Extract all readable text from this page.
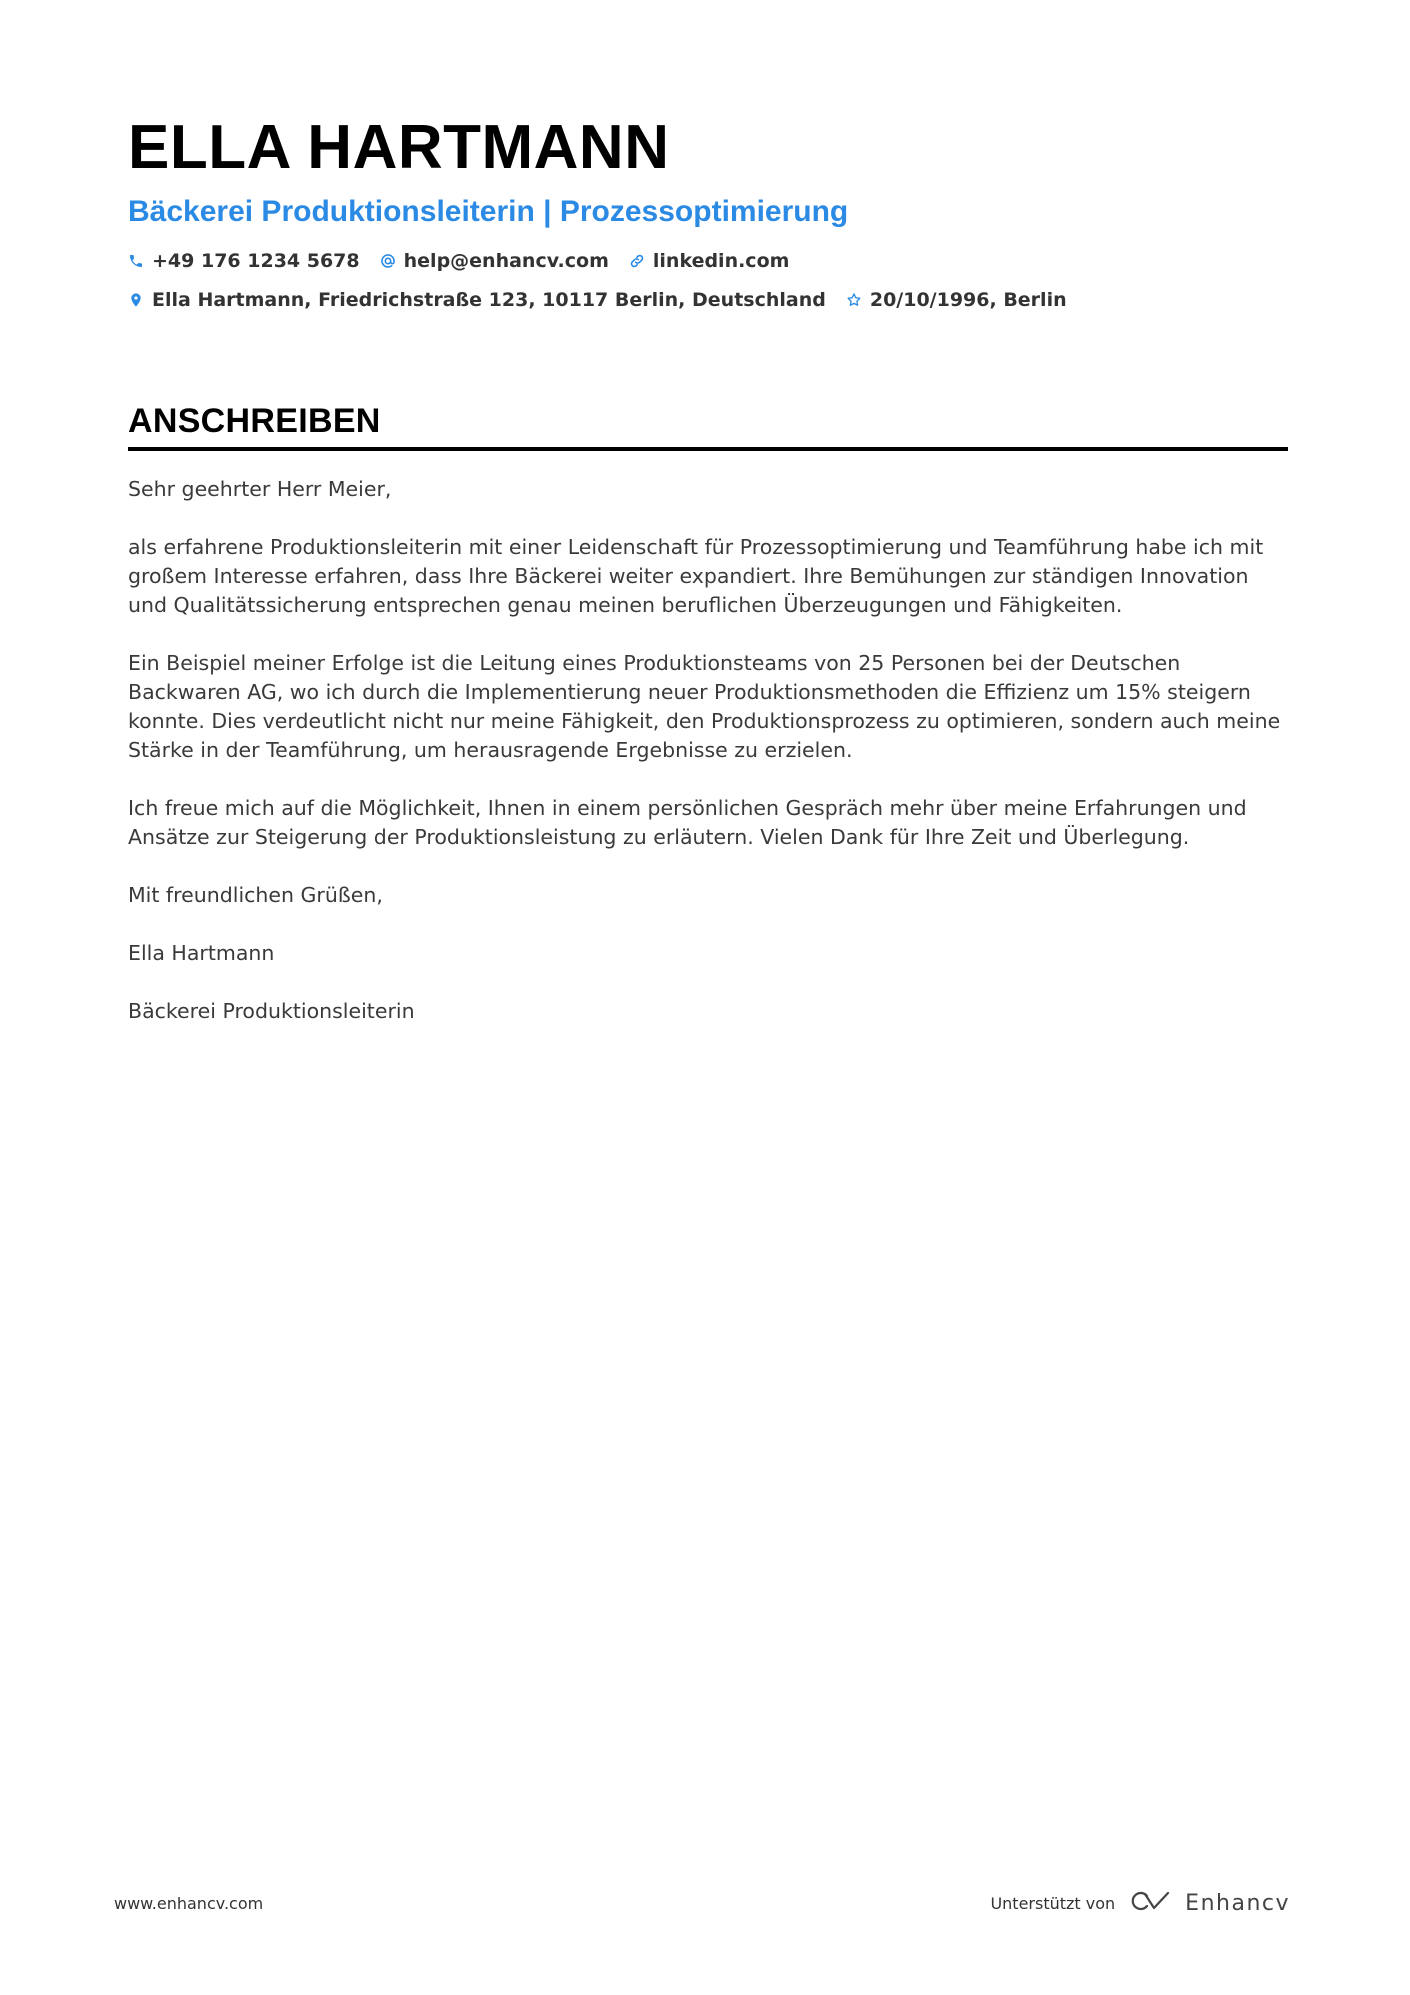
ELLA HARTMANN
Bäckerei Produktionsleiterin | Prozessoptimierung
+49 176 1234 5678 help@enhancv.com linkedin.com
Ella Hartmann, Friedrichstraße 123, 10117 Berlin, Deutschland 20/10/1996, Berlin
ANSCHREIBEN

Sehr geehrter Herr Meier,

als erfahrene Produktionsleiterin mit einer Leidenschaft für Prozessoptimierung und Teamführung habe ich mit großem Interesse erfahren, dass Ihre Bäckerei weiter expandiert. Ihre Bemühungen zur ständigen Innovation und Qualitätssicherung entsprechen genau meinen beruflichen Überzeugungen und Fähigkeiten.

Ein Beispiel meiner Erfolge ist die Leitung eines Produktionsteams von 25 Personen bei der Deutschen Backwaren AG, wo ich durch die Implementierung neuer Produktionsmethoden die Effizienz um 15% steigern konnte. Dies verdeutlicht nicht nur meine Fähigkeit, den Produktionsprozess zu optimieren, sondern auch meine Stärke in der Teamführung, um herausragende Ergebnisse zu erzielen.

Ich freue mich auf die Möglichkeit, Ihnen in einem persönlichen Gespräch mehr über meine Erfahrungen und Ansätze zur Steigerung der Produktionsleistung zu erläutern. Vielen Dank für Ihre Zeit und Überlegung.

Mit freundlichen Grüßen,

Ella Hartmann

Bäckerei Produktionsleiterin

www.enhancv.com	Unterstützt von	Enhancv
